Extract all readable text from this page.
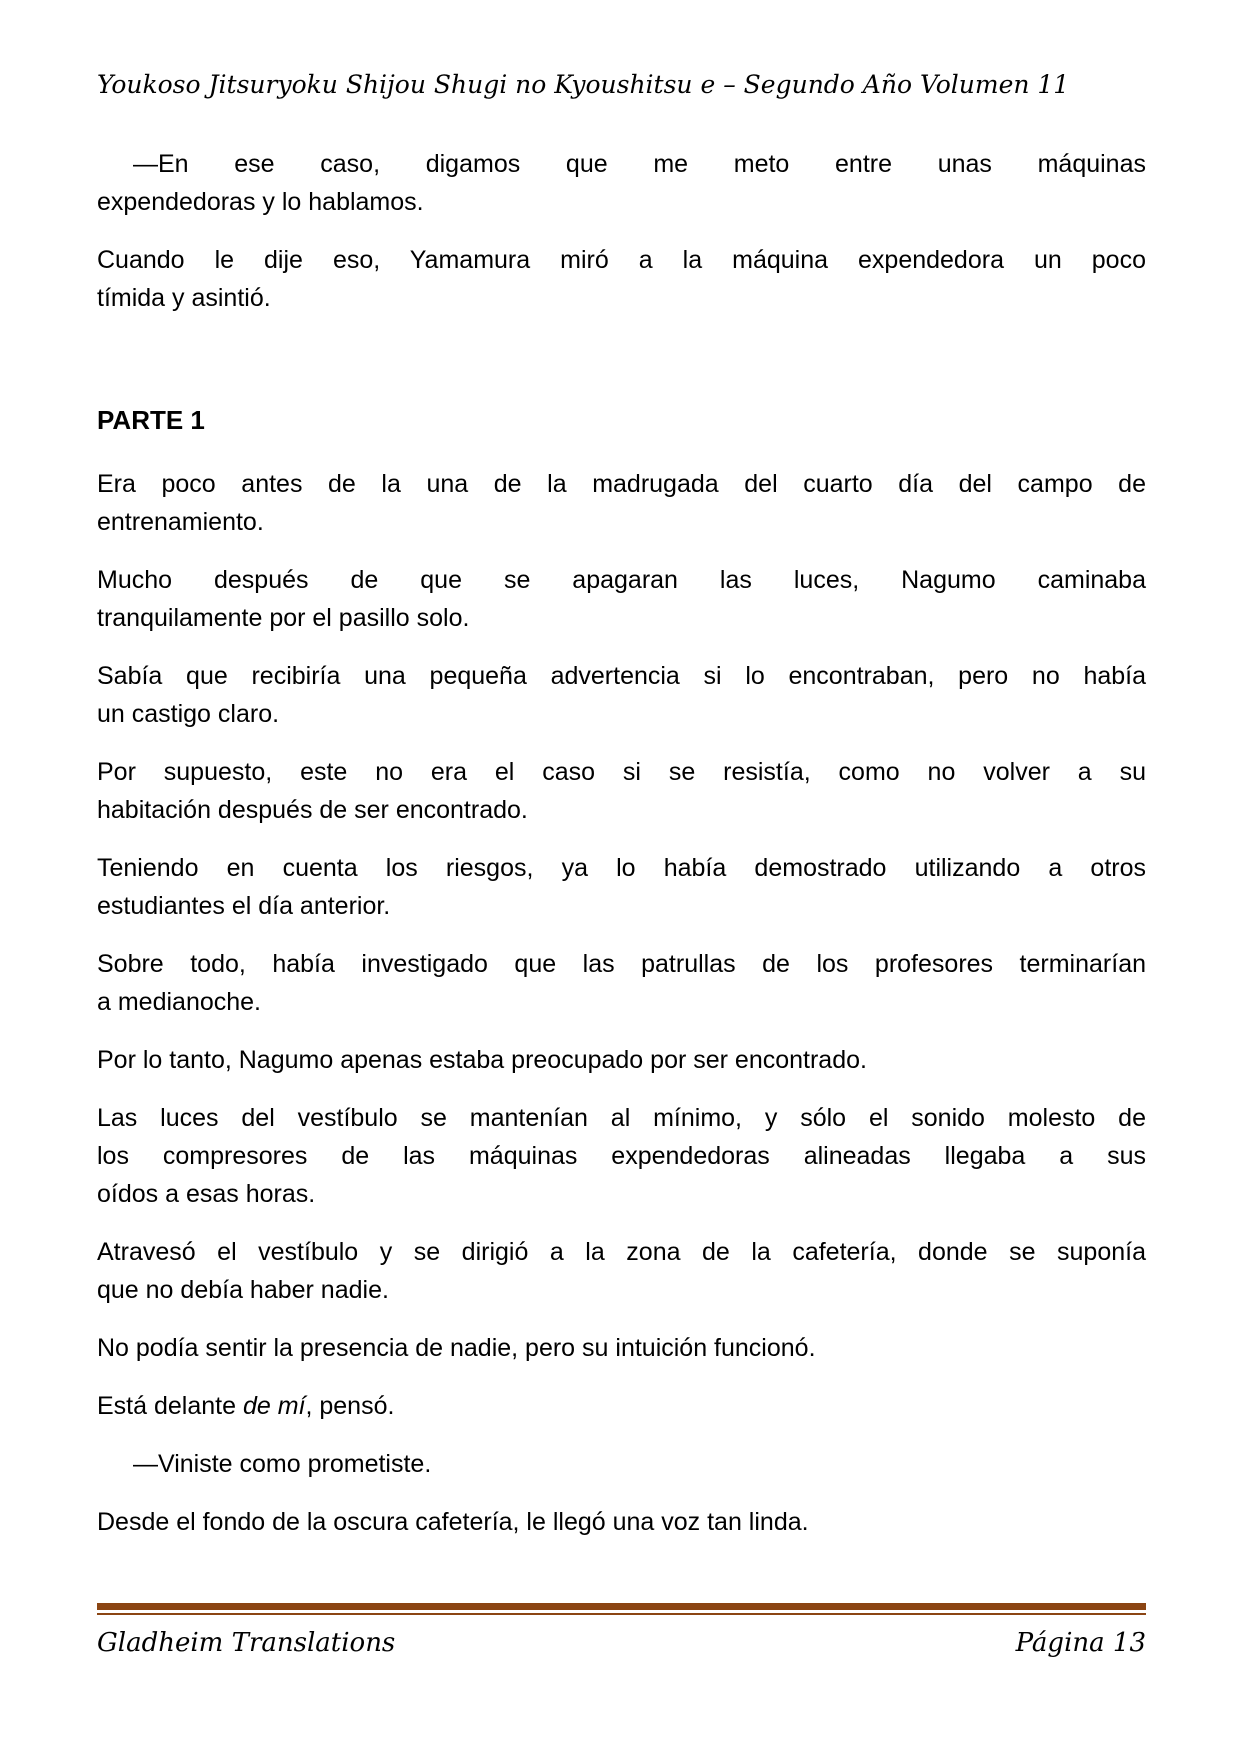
Youkoso Jitsuryoku Shijou Shugi no Kyoushitsu e – Segundo Año Volumen 11

—En ese caso, digamos que me meto entre unas máquinas
expendedoras y lo hablamos.

Cuando le dije eso, Yamamura miró a la máquina expendedora un poco
tímida y asintió.

PARTE 1

Era poco antes de la una de la madrugada del cuarto día del campo de
entrenamiento.

Mucho después de que se apagaran las luces, Nagumo caminaba
tranquilamente por el pasillo solo.

Sabía que recibiría una pequeña advertencia si lo encontraban, pero no había
un castigo claro.

Por supuesto, este no era el caso si se resistía, como no volver a su
habitación después de ser encontrado.

Teniendo en cuenta los riesgos, ya lo había demostrado utilizando a otros
estudiantes el día anterior.

Sobre todo, había investigado que las patrullas de los profesores terminarían
a medianoche.

Por lo tanto, Nagumo apenas estaba preocupado por ser encontrado.

Las luces del vestíbulo se mantenían al mínimo, y sólo el sonido molesto de
los compresores de las máquinas expendedoras alineadas llegaba a sus
oídos a esas horas.

Atravesó el vestíbulo y se dirigió a la zona de la cafetería, donde se suponía
que no debía haber nadie.

No podía sentir la presencia de nadie, pero su intuición funcionó.

Está delante de mí, pensó.

—Viniste como prometiste.

Desde el fondo de la oscura cafetería, le llegó una voz tan linda.

Gladheim Translations	Página 13
